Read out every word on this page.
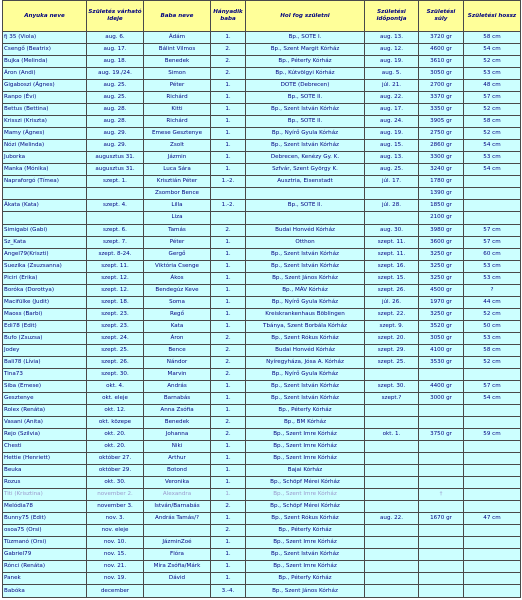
Anyuka neve	Születés várható ideje	Baba neve	Hányadik baba	Hol fog születni	Születési időpontja	Születési súly	Születési hossz
fj 35 (Viola)	aug. 6.	Ádám	1.	Bp., SOTE I.	aug. 13.	3720 gr	58 cm
Csengő (Beatrix)	aug. 17.	Bálint Vilmos	2.	Bp., Szent Margit Kórház	aug. 12.	4600 gr	54 cm
Bujka (Melinda)	aug. 18.	Benedek	2.	Bp., Péterfy Kórház	aug. 19.	3610 gr	52 cm
Áron (Andi)	aug. 19./24.	Simon	2.	Bp., Kútvölgyi Kórház	aug. 5.	3050 gr	53 cm
Gigaboszi (Ágnes)	aug. 25.	Péter	1.	DOTE (Debrecen)	júl. 21.	2700 gr	48 cm
Ranpo (Évi)	aug. 25.	Richárd	1.	Bp., SOTE II.	aug. 22.	3370 gr	57 cm
Bettus (Bettina)	aug. 28.	Kitti	1.	Bp., Szent István Kórház	aug. 17.	3350 gr	52 cm
Krisszi (Kriszta)	aug. 28.	Richárd	1.	Bp., SOTE II.	aug. 24.	3905 gr	58 cm
Mamy (Ágnes)	aug. 29.	Emese Gesztenye	1.	Bp., Nyírő Gyula Kórház	aug. 19.	2750 gr	52 cm
Nózi (Melinda)	aug. 29.	Zsolt	1.	Bp., Szent István Kórház	aug. 15.	2860 gr	54 cm
Juborka	augusztus 31.	Jázmin	1.	Debrecen, Kenézy Gy. K.	aug. 13.	3300 gr	53 cm
Manka (Mónika)	augusztus 31.	Luca Sára	1.	Szfvár, Szent György K.	aug. 25.	3240 gr	54 cm
Napraforgó (Tímea)	szept. 1.	Krisztián Péter	1.-2.	Ausztria, Eisenstadt	júl. 17.	1780 gr	
		Zsombor Bence				1390 gr	
Ákata (Kata)	szept. 4.	Lilla	1.-2.	Bp., SOTE II.	júl. 28.	1850 gr	
		Liza				2100 gr	
Simigabi (Gabi)	szept. 6.	Tamás	2.	Budai Honvéd Kórház	aug. 30.	3980 gr	57 cm
Sz_Kata	szept. 7.	Péter	1.	Otthon	szept. 11.	3600 gr	57 cm
Angel79(Kriszti)	szept. 8-24.	Gergő	1.	Bp., Szent István Kórház	szept. 11.	3250 gr	60 cm
Suezika (Zsuzsanna)	szept. 11.	Viktória Csenge	1.	Bp., Szent István Kórház	szept. 16.	3250 gr	53 cm
Piciri (Erika)	szept. 12.	Ákos	1.	Bp., Szent János Kórház	szept. 15.	3250 gr	53 cm
Boróka (Dorottya)	szept. 12.	Bendegúz Keve	1.	Bp., MÁV Kórház	szept. 26.	4500 gr	?
Macifülke (Judit)	szept. 18.	Soma	1.	Bp., Nyírő Gyula Kórház	júl. 26.	1970 gr	44 cm
Maoss (Barbi)	szept. 23.	Regő	1.	Kreiskrankenhaus Böblingen	szept. 22.	3250 gr	52 cm
Edi78 (Edit)	szept. 23.	Kata	1.	Tbánya, Szent Borbála Kórház	szept. 9.	3520 gr	50 cm
Bufo (Zsuzsa)	szept. 24.	Áron	2.	Bp., Szent Rókus Kórház	szept. 20.	3050 gr	53 cm
Jodey	szept. 25.	Bence	2.	Budai Honvéd Kórház	szept. 29.	4100 gr	58 cm
Bali78 (Lívia)	szept. 26.	Nándor	2.	Nyíregyháza, Jósa A. Kórház	szept. 25.	3530 gr	52 cm
Tina73	szept. 30.	Marvin	2.	Bp., Nyírő Gyula Kórház			
Siba (Emese)	okt. 4.	András	1.	Bp., Szent István Kórház	szept. 30.	4400 gr	57 cm
Gesztenye	okt. eleje	Barnabás	1.	Bp., Szent István Kórház	szept.?	3000 gr	54 cm
Rolex (Renáta)	okt. 12.	Anna Zsófia	1.	Bp., Péterfy Kórház			
Vasani (Anita)	okt. közepe	Benedek	2.	Bp., BM Kórház			
Rejo (Szilvia)	okt. 20.	Johanna	2.	Bp., Szent Imre Kórház	okt. 1.	3750 gr	59 cm
Chesti	okt. 20.	Niki	1.	Bp., Szent Imre Kórház			
Hettie (Henriett)	október 27.	Arthur	1.	Bp., Szent Imre Kórház			
Beuka	október 29.	Botond	1.	Bajai Kórház			
Rozus	okt. 30.	Veronika	1.	Bp., Schöpf Mérei Kórház			
Titi (Krisztina)	november 2.	Alexandra	1.	Bp., Szent Imre Kórház		†	
Melódia78	november 3.	István/Barnabás	2.	Bp., Schöpf Mérei Kórház			
Bunny75 (Edit)	nov. 3.	András Tamás/?	1.	Bp., Szent Rókus Kórház	aug. 22.	1670 gr	47 cm
osoa75 (Orsi)	nov. eleje		2.	Bp., Péterfy Kórház			
Tüzmanó (Orsi)	nov. 10.	JázminZoé	1.	Bp., Szent Imre Kórház			
Gabriel79	nov. 15.	Flóra	1.	Bp., Szent István Kórház			
Rónci (Renáta)	nov. 21.	Míra Zsófia/Márk	1.	Bp., Szent Imre Kórház			
Panek	nov. 19.	Dávid	1.	Bp., Péterfy Kórház			
Babóka	december		3.-4.	Bp., Szent János Kórház			
